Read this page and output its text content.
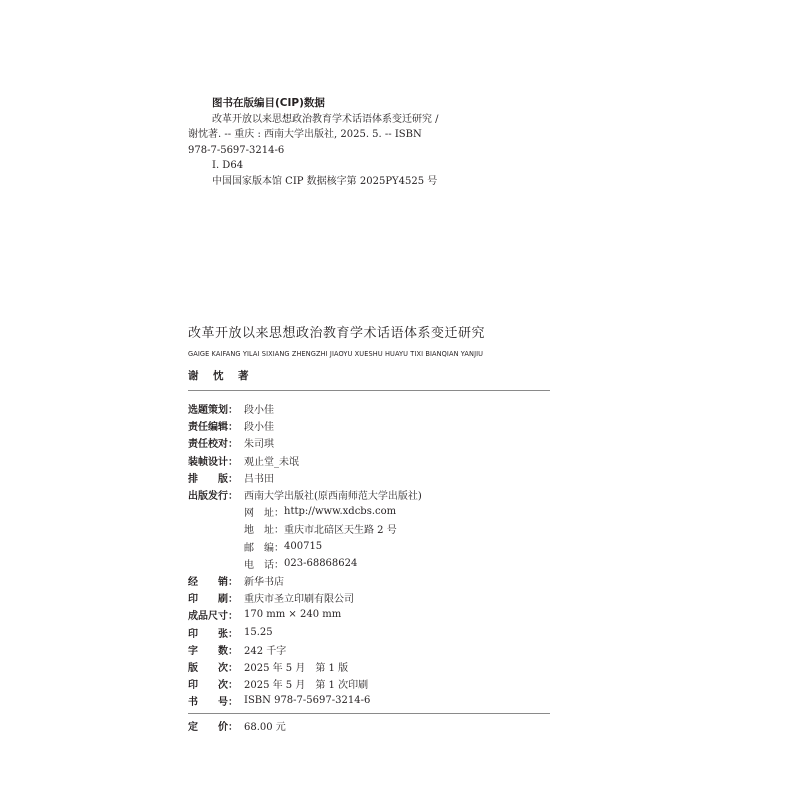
图书在版编目(CIP)数据
改革开放以来思想政治教育学术话语体系变迁研究 /
谢忱著. -- 重庆 : 西南大学出版社, 2025. 5. -- ISBN
978-7-5697-3214-6
Ⅰ. D64
中国国家版本馆 CIP 数据核字第 2025PY4525 号
改革开放以来思想政治教育学术话语体系变迁研究
GAIGE KAIFANG YILAI SIXIANG ZHENGZHI JIAOYU XUESHU HUAYU TIXI BIANQIAN YANJIU
谢　忱　著
选题策划： 段小佳
责任编辑： 段小佳
责任校对： 朱司琪
装帧设计： 观止堂_未氓
排　　版： 吕书田
出版发行： 西南大学出版社(原西南师范大学出版社)
网　址： http://www.xdcbs.com
地　址： 重庆市北碚区天生路 2 号
邮　编： 400715
电　话： 023-68868624
经　　销： 新华书店
印　　刷： 重庆市圣立印刷有限公司
成品尺寸： 170 mm × 240 mm
印　　张： 15.25
字　　数： 242 千字
版　　次： 2025 年 5 月　第 1 版
印　　次： 2025 年 5 月　第 1 次印刷
书　　号： ISBN 978-7-5697-3214-6
定　　价： 68.00 元
